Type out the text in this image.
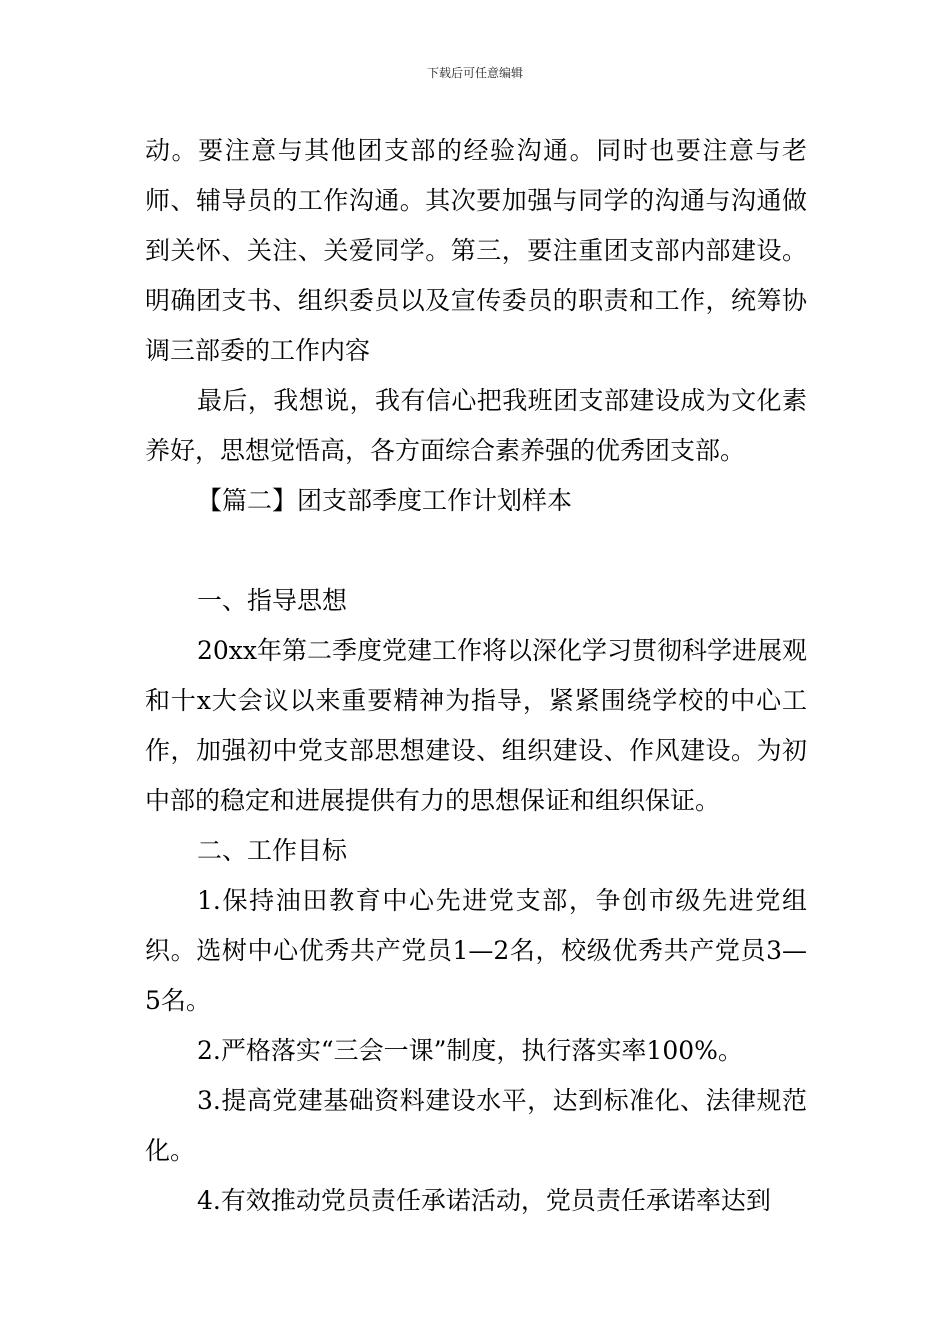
下载后可任意编辑

动。要注意与其他团支部的经验沟通。同时也要注意与老师、辅导员的工作沟通。其次要加强与同学的沟通与沟通做到关怀、关注、关爱同学。第三，要注重团支部内部建设。明确团支书、组织委员以及宣传委员的职责和工作，统筹协调三部委的工作内容

最后，我想说，我有信心把我班团支部建设成为文化素养好，思想觉悟高，各方面综合素养强的优秀团支部。

【篇二】团支部季度工作计划样本

一、指导思想

20xx年第二季度党建工作将以深化学习贯彻科学进展观和十x大会议以来重要精神为指导，紧紧围绕学校的中心工作，加强初中党支部思想建设、组织建设、作风建设。为初中部的稳定和进展提供有力的思想保证和组织保证。

二、工作目标

1.保持油田教育中心先进党支部，争创市级先进党组织。选树中心优秀共产党员1—2名，校级优秀共产党员3—5名。

2.严格落实“三会一课”制度，执行落实率100%。

3.提高党建基础资料建设水平，达到标准化、法律规范化。

4.有效推动党员责任承诺活动，党员责任承诺率达到
